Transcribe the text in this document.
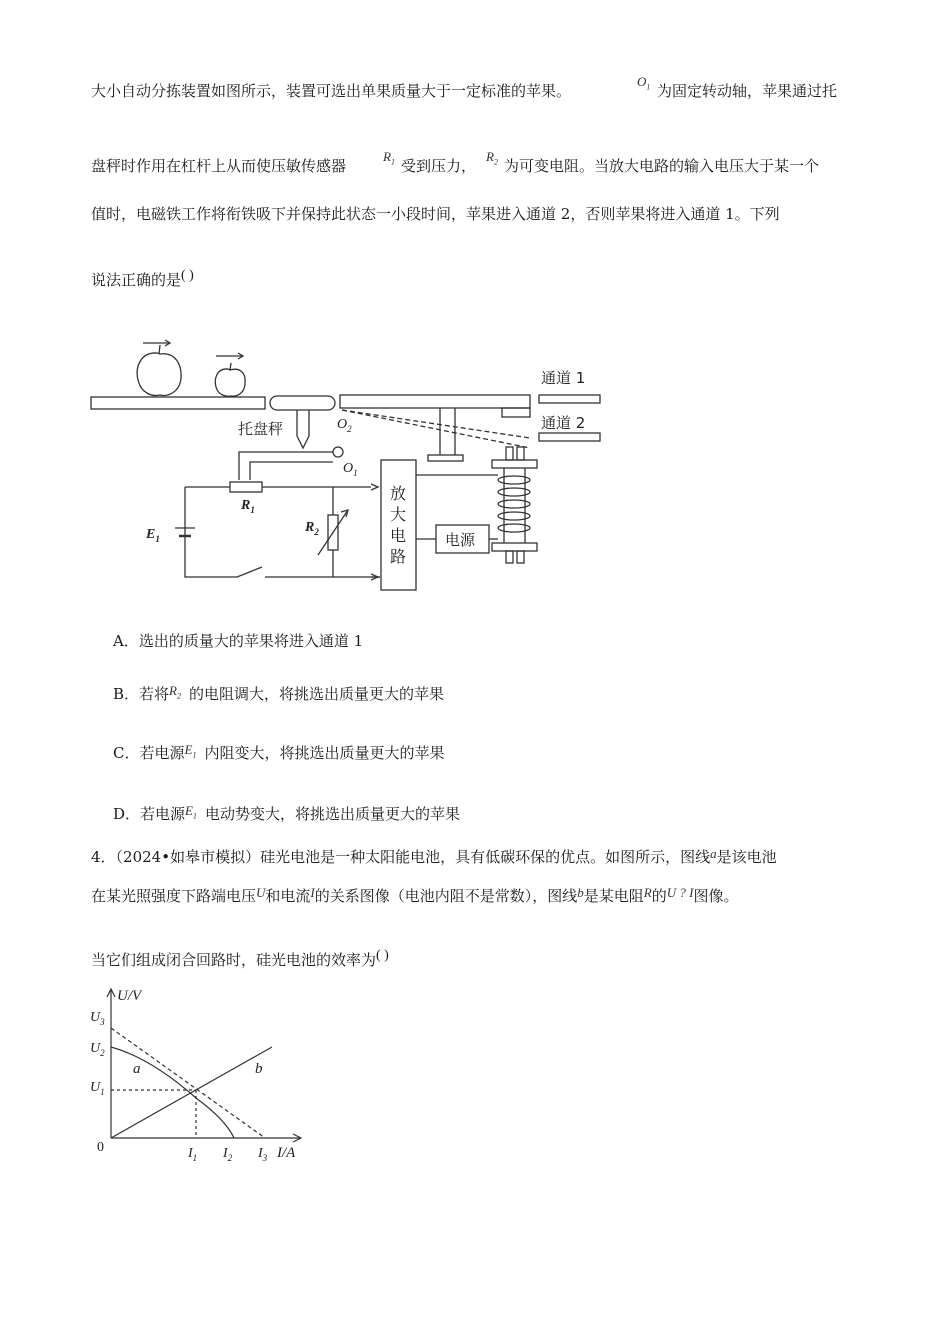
大小自动分拣装置如图所示，装置可选出单果质量大于一定标准的苹果。
$O_1$ 为固定转动轴，苹果通过托
盘秤时作用在杠杆上从而使压敏传感器
$R_1$ 受到压力，
$R_2$ 为可变电阻。当放大电路的输入电压大于某一个
值时，电磁铁工作将衔铁吸下并保持此状态一小段时间，苹果进入通道 2，否则苹果将进入通道 1。下列
说法正确的是( )
通道 1
通道 2
托盘秤	$O_2$
$O_1$
$R_1$
$R_2$
$E_1$
放
大
电
路
电源
A．选出的质量大的苹果将进入通道 1
B．若将$R_2$ 的电阻调大，将挑选出质量更大的苹果
C．若电源$E_1$ 内阻变大，将挑选出质量更大的苹果
D．若电源$E_1$ 电动势变大，将挑选出质量更大的苹果
4．（2024•如皋市模拟）硅光电池是一种太阳能电池，具有低碳环保的优点。如图所示，图线a是该电池
在某光照强度下路端电压U和电流I的关系图像（电池内阻不是常数），图线b是某电阻R的U ? I图像。
当它们组成闭合回路时，硅光电池的效率为( )
U/V
I/A
0
$U_3$
$U_2$
$U_1$
$I_1$ $I_2$ $I_3$
a	b
